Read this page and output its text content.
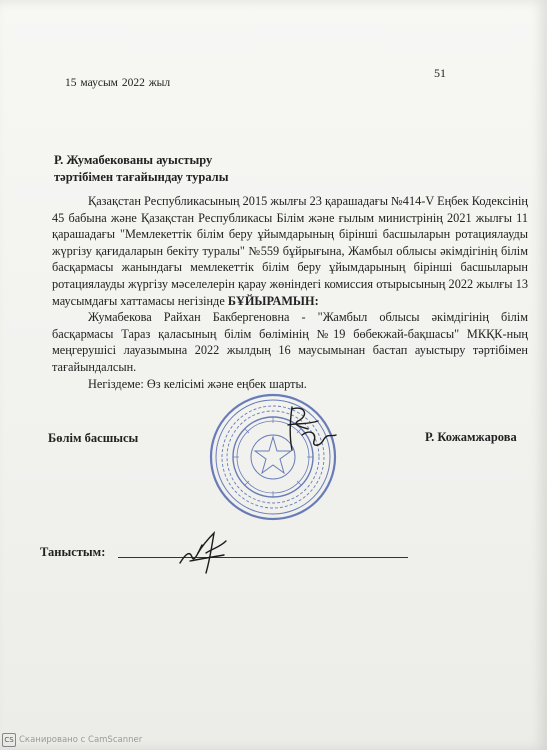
15 маусым 2022 жыл
51
Р. Жумабекованы ауыстыру
тәртібімен тағайындау туралы

Қазақстан Республикасының 2015 жылғы 23 қарашадағы №414-V Еңбек Кодексінің 45 бабына және Қазақстан Республикасы Білім және ғылым министрінің 2021 жылғы 11 қарашадағы "Мемлекеттік білім беру ұйымдарының бірінші басшыларын ротациялауды жүргізу қағидаларын бекіту туралы" №559 бұйрығына, Жамбыл облысы әкімдігінің білім басқармасы жанындағы мемлекеттік білім беру ұйымдарының бірінші басшыларын ротациялауды жүргізу мәселелерін қарау жөніндегі комиссия отырысының 2022 жылғы 13 маусымдағы хаттамасы негізінде БҰЙЫРАМЫН:

Жумабекова Райхан Бакбергеновна - "Жамбыл облысы әкімдігінің білім басқармасы Тараз қаласының білім бөлімінің №19 бөбекжай-бақшасы" МКҚК-ның меңгерушісі лауазымына 2022 жылдың 16 маусымынан бастап ауыстыру тәртібімен тағайындалсын.

Негіздеме: Өз келісімі және еңбек шарты.

Бөлім басшысы	Р. Кожамжарова
Таныстым:
CS Сканировано с CamScanner
